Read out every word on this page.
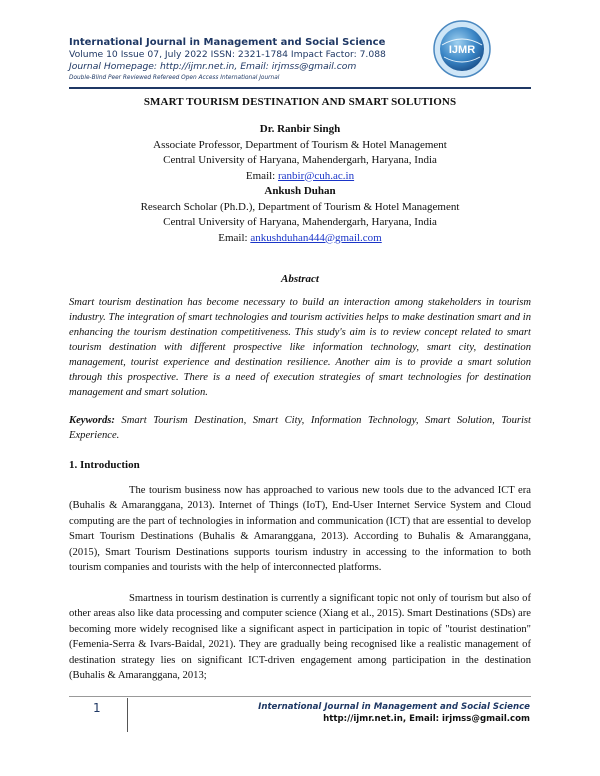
International Journal in Management and Social Science

Volume 10 Issue 07, July 2022 ISSN: 2321-1784 Impact Factor: 7.088

Journal Homepage: http://ijmr.net.in, Email: irjmss@gmail.com

Double-Blind Peer Reviewed Refereed Open Access International Journal

IJMR
SMART TOURISM DESTINATION AND SMART SOLUTIONS
Dr. Ranbir Singh
Associate Professor, Department of Tourism & Hotel Management
Central University of Haryana, Mahendergarh, Haryana, India
Email: ranbir@cuh.ac.in
Ankush Duhan
Research Scholar (Ph.D.), Department of Tourism & Hotel Management
Central University of Haryana, Mahendergarh, Haryana, India
Email: ankushduhan444@gmail.com
Abstract

Smart tourism destination has become necessary to build an interaction among stakeholders in tourism industry. The integration of smart technologies and tourism activities helps to make destination smart and in enhancing the tourism destination competitiveness. This study's aim is to review concept related to smart tourism destination with different prospective like information technology, smart city, destination management, tourist experience and destination resilience. Another aim is to provide a smart solution through this prospective. There is a need of execution strategies of smart technologies for destination management and smart solution.

Keywords: Smart Tourism Destination, Smart City, Information Technology, Smart Solution, Tourist Experience.

1. Introduction

The tourism business now has approached to various new tools due to the advanced ICT era (Buhalis & Amaranggana, 2013). Internet of Things (IoT), End-User Internet Service System and Cloud computing are the part of technologies in information and communication (ICT) that are essential to develop Smart Tourism Destinations (Buhalis & Amaranggana, 2013). According to Buhalis & Amaranggana, (2015), Smart Tourism Destinations supports tourism industry in accessing to the information to both tourism companies and tourists with the help of interconnected platforms.

Smartness in tourism destination is currently a significant topic not only of tourism but also of other areas also like data processing and computer science (Xiang et al., 2015). Smart Destinations (SDs) are becoming more widely recognised like a significant aspect in participation in topic of "tourist destination" (Femenia-Serra & Ivars-Baidal, 2021). They are gradually being recognised like a realistic management of destination strategy lies on significant ICT-driven engagement among participation in the destination (Buhalis & Amaranggana, 2013;

1	International Journal in Management and Social Science
http://ijmr.net.in, Email: irjmss@gmail.com
